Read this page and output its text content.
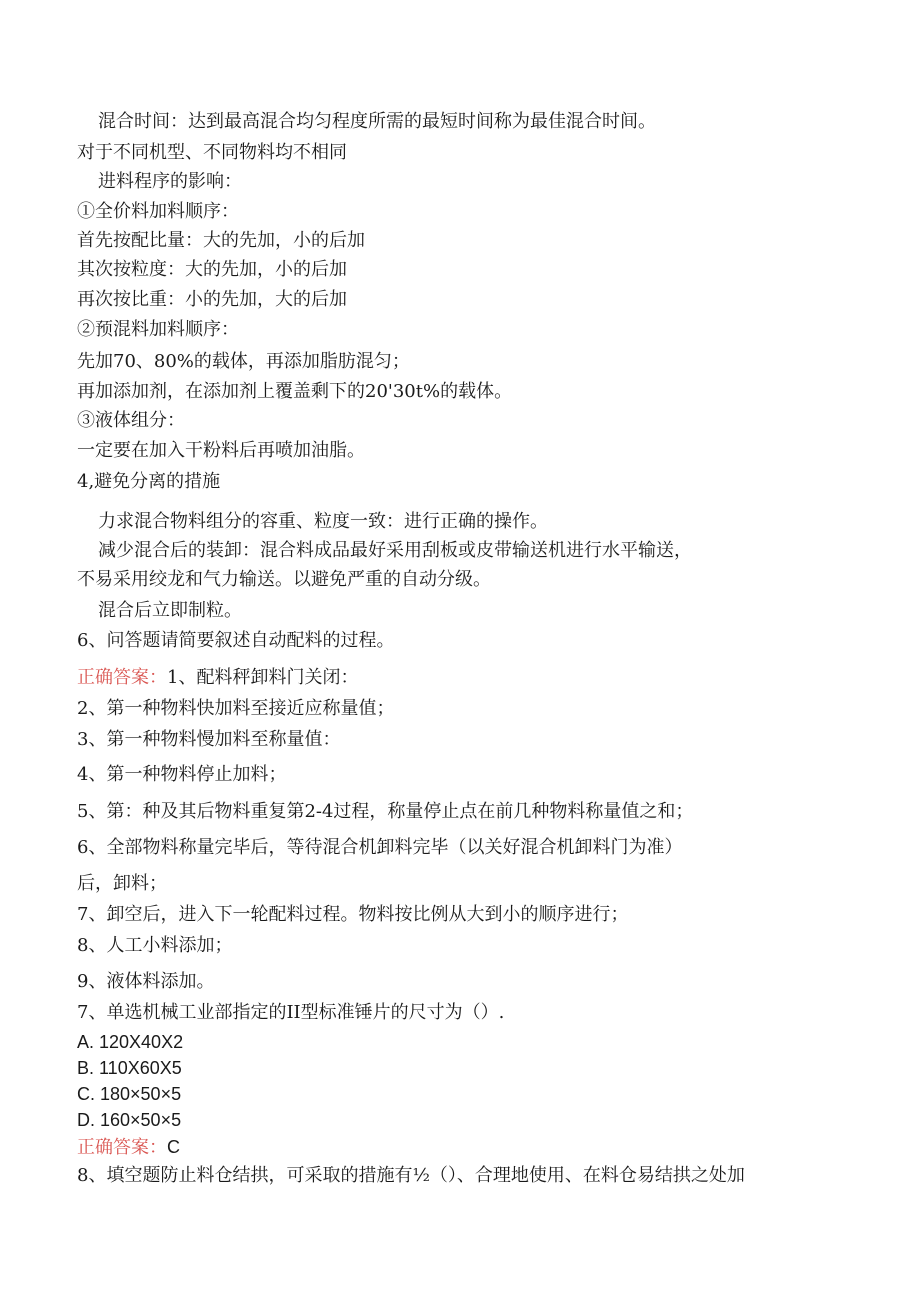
混合时间：达到最高混合均匀程度所需的最短时间称为最佳混合时间。
对于不同机型、不同物料均不相同
进料程序的影响：
①全价料加料顺序：
首先按配比量：大的先加，小的后加
其次按粒度：大的先加，小的后加
再次按比重：小的先加，大的后加
②预混料加料顺序：
先加70、80%的载体，再添加脂肪混匀；
再加添加剂，在添加剂上覆盖剩下的20'30t%的载体。
③液体组分：
一定要在加入干粉料后再喷加油脂。
4,避免分离的措施
力求混合物料组分的容重、粒度一致：进行正确的操作。
减少混合后的装卸：混合料成品最好采用刮板或皮带输送机进行水平输送，
不易采用绞龙和气力输送。以避免严重的自动分级。
混合后立即制粒。
6、问答题请简要叙述自动配料的过程。
正确答案：1、配料秤卸料门关闭：
2、第一种物料快加料至接近应称量值；
3、第一种物料慢加料至称量值：
4、第一种物料停止加料；
5、第：种及其后物料重复第2-4过程，称量停止点在前几种物料称量值之和；
6、全部物料称量完毕后，等待混合机卸料完毕（以关好混合机卸料门为准）
后，卸料；
7、卸空后，进入下一轮配料过程。物料按比例从大到小的顺序进行；
8、人工小料添加；
9、液体料添加。
7、单选机械工业部指定的II型标准锤片的尺寸为（）.
A. 120X40X2
B. 110X60X5
C. 180×50×5
D. 160×50×5
正确答案：C
8、填空题防止料仓结拱，可采取的措施有½（）、合理地使用、在料仓易结拱之处加
